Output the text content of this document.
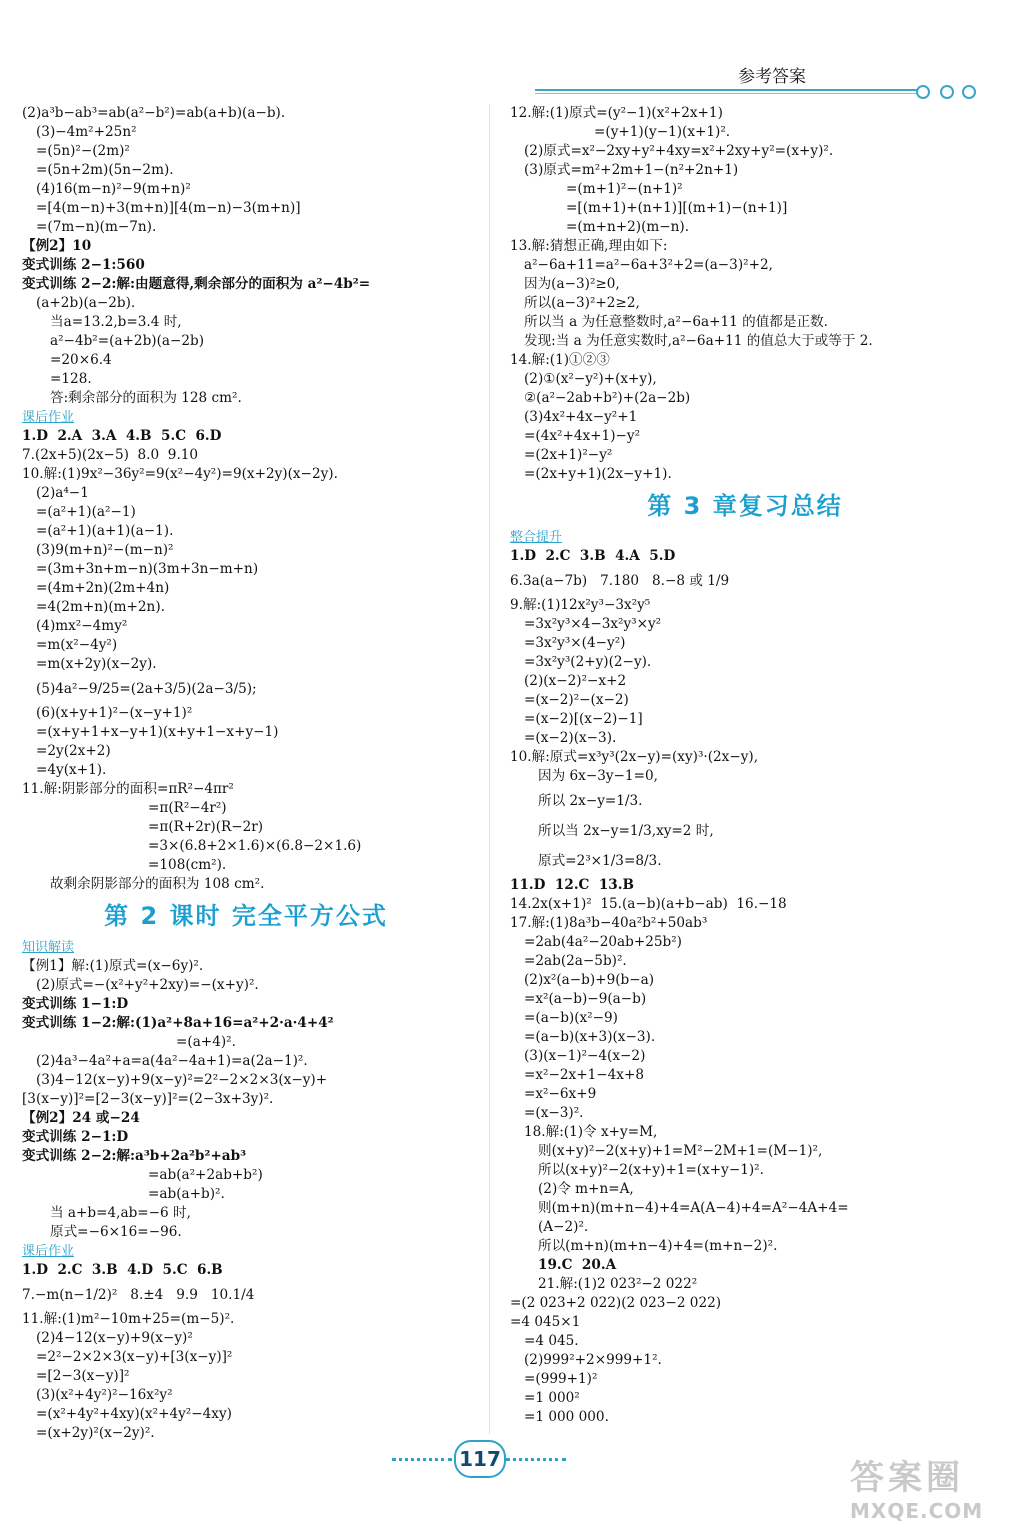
参考答案
(2)a³b−ab³=ab(a²−b²)=ab(a+b)(a−b).
(3)−4m²+25n²
=(5n)²−(2m)²
=(5n+2m)(5n−2m).
(4)16(m−n)²−9(m+n)²
=[4(m−n)+3(m+n)][4(m−n)−3(m+n)]
=(7m−n)(m−7n).
【例2】10
变式训练 2−1:560
变式训练 2−2:解:由题意得,剩余部分的面积为 a²−4b²=
(a+2b)(a−2b).
当a=13.2,b=3.4 时,
a²−4b²=(a+2b)(a−2b)
=20×6.4
=128.
答:剩余部分的面积为 128 cm².
课后作业
1.D  2.A  3.A  4.B  5.C  6.D
7.(2x+5)(2x−5)  8.0  9.10
10.解:(1)9x²−36y²=9(x²−4y²)=9(x+2y)(x−2y).
(2)a⁴−1
=(a²+1)(a²−1)
=(a²+1)(a+1)(a−1).
(3)9(m+n)²−(m−n)²
=(3m+3n+m−n)(3m+3n−m+n)
=(4m+2n)(2m+4n)
=4(2m+n)(m+2n).
(4)mx²−4my²
=m(x²−4y²)
=m(x+2y)(x−2y).
(5)4a²−9/25=(2a+3/5)(2a−3/5);
(6)(x+y+1)²−(x−y+1)²
=(x+y+1+x−y+1)(x+y+1−x+y−1)
=2y(2x+2)
=4y(x+1).
11.解:阴影部分的面积=πR²−4πr²
=π(R²−4r²)
=π(R+2r)(R−2r)
=3×(6.8+2×1.6)×(6.8−2×1.6)
=108(cm²).
故剩余阴影部分的面积为 108 cm².
第 2 课时 完全平方公式
知识解读
【例1】解:(1)原式=(x−6y)².
(2)原式=−(x²+y²+2xy)=−(x+y)².
变式训练 1−1:D
变式训练 1−2:解:(1)a²+8a+16=a²+2·a·4+4²
=(a+4)².
(2)4a³−4a²+a=a(4a²−4a+1)=a(2a−1)².
(3)4−12(x−y)+9(x−y)²=2²−2×2×3(x−y)+
[3(x−y)]²=[2−3(x−y)]²=(2−3x+3y)².
【例2】24 或−24
变式训练 2−1:D
变式训练 2−2:解:a³b+2a²b²+ab³
=ab(a²+2ab+b²)
=ab(a+b)².
当 a+b=4,ab=−6 时,
原式=−6×16=−96.
课后作业
1.D  2.C  3.B  4.D  5.C  6.B
7.−m(n−1/2)²   8.±4   9.9   10.1/4
11.解:(1)m²−10m+25=(m−5)².
(2)4−12(x−y)+9(x−y)²
=2²−2×2×3(x−y)+[3(x−y)]²
=[2−3(x−y)]²
(3)(x²+4y²)²−16x²y²
=(x²+4y²+4xy)(x²+4y²−4xy)
=(x+2y)²(x−2y)².
12.解:(1)原式=(y²−1)(x²+2x+1)
=(y+1)(y−1)(x+1)².
(2)原式=x²−2xy+y²+4xy=x²+2xy+y²=(x+y)².
(3)原式=m²+2m+1−(n²+2n+1)
=(m+1)²−(n+1)²
=[(m+1)+(n+1)][(m+1)−(n+1)]
=(m+n+2)(m−n).
13.解:猜想正确,理由如下:
a²−6a+11=a²−6a+3²+2=(a−3)²+2,
因为(a−3)²≥0,
所以(a−3)²+2≥2,
所以当 a 为任意整数时,a²−6a+11 的值都是正数.
发现:当 a 为任意实数时,a²−6a+11 的值总大于或等于 2.
14.解:(1)①②③
(2)①(x²−y²)+(x+y),
②(a²−2ab+b²)+(2a−2b)
(3)4x²+4x−y²+1
=(4x²+4x+1)−y²
=(2x+1)²−y²
=(2x+y+1)(2x−y+1).
第 3 章复习总结
整合提升
1.D  2.C  3.B  4.A  5.D
6.3a(a−7b)   7.180   8.−8 或 1/9
9.解:(1)12x²y³−3x²y⁵
=3x²y³×4−3x²y³×y²
=3x²y³×(4−y²)
=3x²y³(2+y)(2−y).
(2)(x−2)²−x+2
=(x−2)²−(x−2)
=(x−2)[(x−2)−1]
=(x−2)(x−3).
10.解:原式=x³y³(2x−y)=(xy)³·(2x−y),
因为 6x−3y−1=0,
所以 2x−y=1/3.
所以当 2x−y=1/3,xy=2 时,
原式=2³×1/3=8/3.
11.D  12.C  13.B
14.2x(x+1)²  15.(a−b)(a+b−ab)  16.−18
17.解:(1)8a³b−40a²b²+50ab³
=2ab(4a²−20ab+25b²)
=2ab(2a−5b)².
(2)x²(a−b)+9(b−a)
=x²(a−b)−9(a−b)
=(a−b)(x²−9)
=(a−b)(x+3)(x−3).
(3)(x−1)²−4(x−2)
=x²−2x+1−4x+8
=x²−6x+9
=(x−3)².
18.解:(1)令 x+y=M,
则(x+y)²−2(x+y)+1=M²−2M+1=(M−1)²,
所以(x+y)²−2(x+y)+1=(x+y−1)².
(2)令 m+n=A,
则(m+n)(m+n−4)+4=A(A−4)+4=A²−4A+4=
(A−2)².
所以(m+n)(m+n−4)+4=(m+n−2)².
19.C  20.A
21.解:(1)2 023²−2 022²
=(2 023+2 022)(2 023−2 022)
=4 045×1
=4 045.
(2)999²+2×999+1².
=(999+1)²
=1 000²
=1 000 000.
117	答案圈
MXQE.COM
